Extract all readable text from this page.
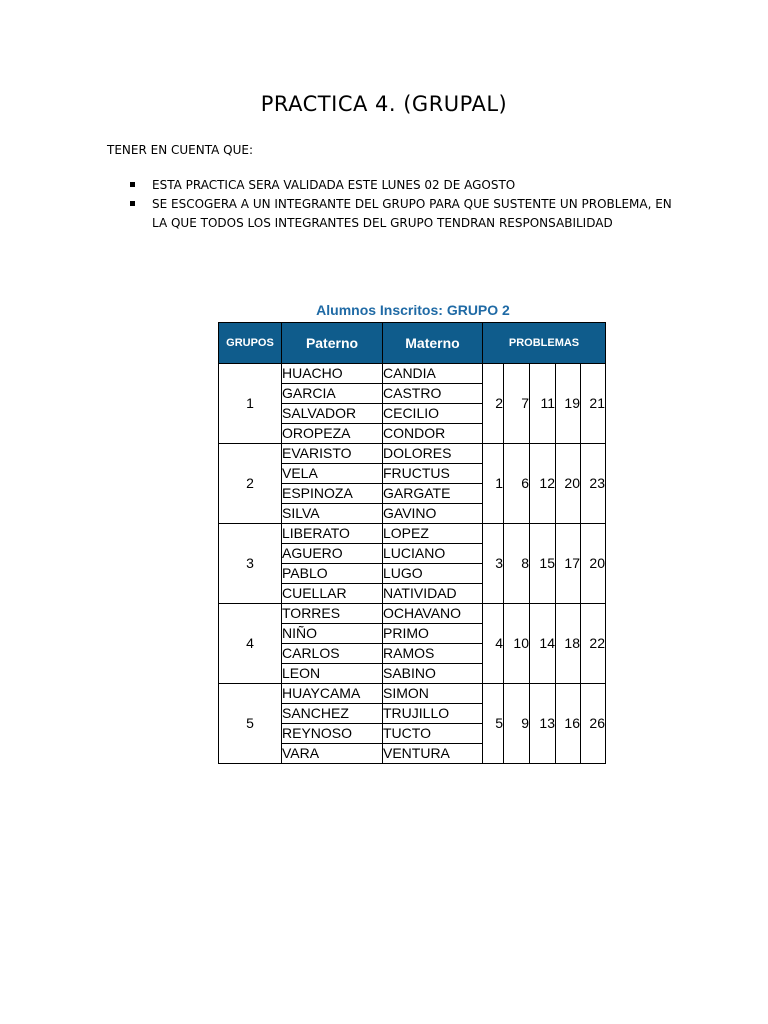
PRACTICA 4. (GRUPAL)
TENER EN CUENTA QUE:
ESTA PRACTICA SERA VALIDADA ESTE LUNES 02 DE AGOSTO
SE ESCOGERA A UN INTEGRANTE DEL GRUPO PARA QUE SUSTENTE UN PROBLEMA, EN LA QUE TODOS LOS INTEGRANTES DEL GRUPO TENDRAN RESPONSABILIDAD
Alumnos Inscritos: GRUPO 2
GRUPOS	Paterno	Materno	PROBLEMAS				
1	HUACHO	CANDIA	2	7	11	19	21
	GARCIA	CASTRO					
	SALVADOR	CECILIO					
	OROPEZA	CONDOR					
2	EVARISTO	DOLORES	1	6	12	20	23
	VELA	FRUCTUS					
	ESPINOZA	GARGATE					
	SILVA	GAVINO					
3	LIBERATO	LOPEZ	3	8	15	17	20
	AGUERO	LUCIANO					
	PABLO	LUGO					
	CUELLAR	NATIVIDAD					
4	TORRES	OCHAVANO	4	10	14	18	22
	NIÑO	PRIMO					
	CARLOS	RAMOS					
	LEON	SABINO					
5	HUAYCAMA	SIMON	5	9	13	16	26
	SANCHEZ	TRUJILLO					
	REYNOSO	TUCTO					
	VARA	VENTURA					
